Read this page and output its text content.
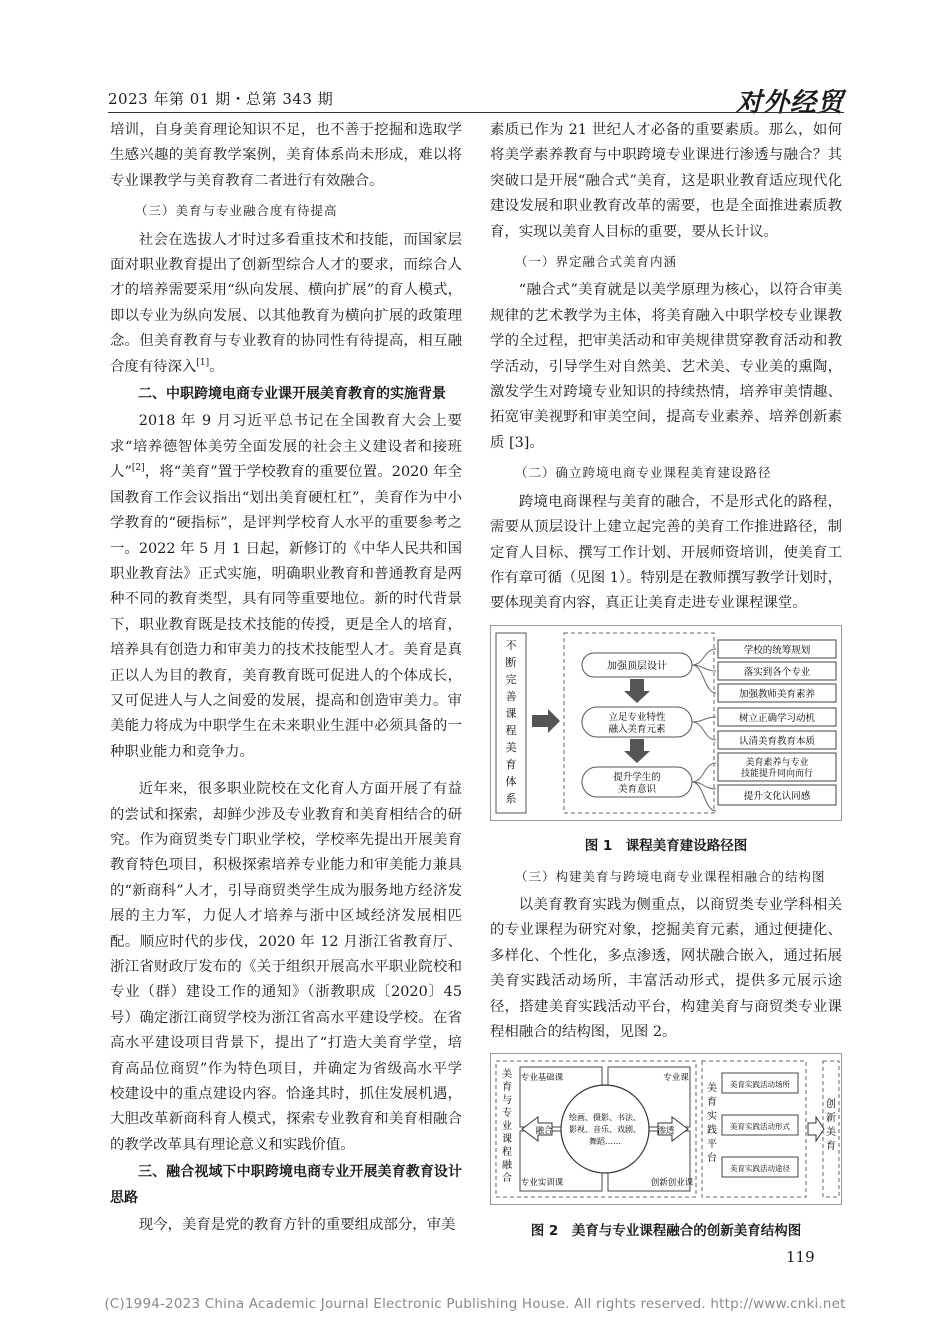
2023 年第 01 期・总第 343 期	对外经贸

培训，自身美育理论知识不足，也不善于挖掘和选取学生感兴趣的美育教学案例，美育体系尚未形成，难以将专业课教学与美育教育二者进行有效融合。

（三）美育与专业融合度有待提高

社会在选拔人才时过多看重技术和技能，而国家层面对职业教育提出了创新型综合人才的要求，而综合人才的培养需要采用“纵向发展、横向扩展”的育人模式，即以专业为纵向发展、以其他教育为横向扩展的政策理念。但美育教育与专业教育的协同性有待提高，相互融合度有待深入[1]。

二、中职跨境电商专业课开展美育教育的实施背景

2018 年 9 月习近平总书记在全国教育大会上要求“培养德智体美劳全面发展的社会主义建设者和接班人”[2]，将“美育”置于学校教育的重要位置。2020 年全国教育工作会议指出“划出美育硬杠杠”，美育作为中小学教育的“硬指标”，是评判学校育人水平的重要参考之一。2022 年 5 月 1 日起，新修订的《中华人民共和国职业教育法》正式实施，明确职业教育和普通教育是两种不同的教育类型，具有同等重要地位。新的时代背景下，职业教育既是技术技能的传授，更是全人的培育，培养具有创造力和审美力的技术技能型人才。美育是真正以人为目的教育，美育教育既可促进人的个体成长，又可促进人与人之间爱的发展，提高和创造审美力。审美能力将成为中职学生在未来职业生涯中必须具备的一种职业能力和竞争力。

近年来，很多职业院校在文化育人方面开展了有益的尝试和探索，却鲜少涉及专业教育和美育相结合的研究。作为商贸类专门职业学校，学校率先提出开展美育教育特色项目，积极探索培养专业能力和审美能力兼具的“新商科”人才，引导商贸类学生成为服务地方经济发展的主力军，力促人才培养与浙中区域经济发展相匹配。顺应时代的步伐，2020 年 12 月浙江省教育厅、浙江省财政厅发布的《关于组织开展高水平职业院校和专业（群）建设工作的通知》（浙教职成〔2020〕45 号）确定浙江商贸学校为浙江省高水平建设学校。在省高水平建设项目背景下，提出了“打造大美育学堂，培育高品位商贸”作为特色项目，并确定为省级高水平学校建设中的重点建设内容。恰逢其时，抓住发展机遇，大胆改革新商科育人模式，探索专业教育和美育相融合的教学改革具有理论意义和实践价值。

三、融合视域下中职跨境电商专业开展美育教育设计思路

现今，美育是党的教育方针的重要组成部分，审美

素质已作为 21 世纪人才必备的重要素质。那么，如何将美学素养教育与中职跨境专业课进行渗透与融合？其突破口是开展“融合式”美育，这是职业教育适应现代化建设发展和职业教育改革的需要，也是全面推进素质教育，实现以美育人目标的重要，要从长计议。

（一）界定融合式美育内涵

“融合式”美育就是以美学原理为核心，以符合审美规律的艺术教学为主体，将美育融入中职学校专业课教学的全过程，把审美活动和审美规律贯穿教育活动和教学活动，引导学生对自然美、艺术美、专业美的熏陶，激发学生对跨境专业知识的持续热情，培养审美情趣、拓宽审美视野和审美空间，提高专业素养、培养创新素质 [3]。

（二）确立跨境电商专业课程美育建设路径

跨境电商课程与美育的融合，不是形式化的路程，需要从顶层设计上建立起完善的美育工作推进路径，制定育人目标、撰写工作计划、开展师资培训，使美育工作有章可循（见图 1）。特别是在教师撰写教学计划时，要体现美育内容，真正让美育走进专业课程课堂。

不
断
完
善
课
程
美
育
体
系
加强顶层设计
立足专业特性
融入美育元素
提升学生的
美育意识
学校的统筹规划
落实到各个专业
加强教师美育素养
树立正确学习动机
认清美育教育本质
美育素养与专业
技能提升同向而行
提升文化认同感

图 1　课程美育建设路径图

（三）构建美育与跨境电商专业课程相融合的结构图

以美育教育实践为侧重点，以商贸类专业学科相关的专业课程为研究对象，挖掘美育元素，通过便捷化、多样化、个性化，多点渗透，网状融合嵌入，通过拓展美育实践活动场所，丰富活动形式，提供多元展示途径，搭建美育实践活动平台，构建美育与商贸类专业课程相融合的结构图，见图 2。

美
育
与
专
业
课
程
融
合
专业基础课	专业课
专业实训课	创新创业课
融合	渗透
绘画、摄影、书法、
影视、音乐、戏剧、
舞蹈……
美
育
实
践
平
台
美育实践活动场所
美育实践活动形式
美育实践活动途径
创
新
美
育

图 2　美育与专业课程融合的创新美育结构图

119
(C)1994-2023 China Academic Journal Electronic Publishing House. All rights reserved. http://www.cnki.net
